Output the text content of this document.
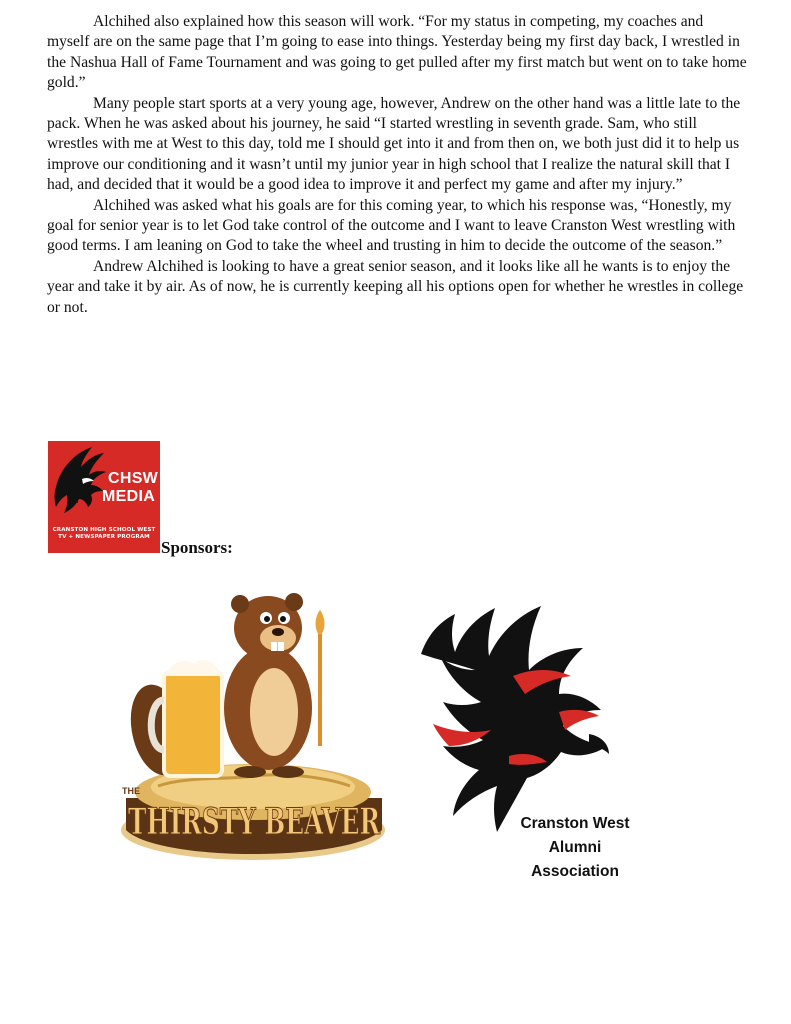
Alchihed also explained how this season will work. “For my status in competing, my coaches and myself are on the same page that I’m going to ease into things. Yesterday being my first day back, I wrestled in the Nashua Hall of Fame Tournament and was going to get pulled after my first match but went on to take home gold.”

Many people start sports at a very young age, however, Andrew on the other hand was a little late to the pack. When he was asked about his journey, he said “I started wrestling in seventh grade. Sam, who still wrestles with me at West to this day, told me I should get into it and from then on, we both just did it to help us improve our conditioning and it wasn’t until my junior year in high school that I realize the natural skill that I had, and decided that it would be a good idea to improve it and perfect my game and after my injury.”

Alchihed was asked what his goals are for this coming year, to which his response was, “Honestly, my goal for senior year is to let God take control of the outcome and I want to leave Cranston West wrestling with good terms. I am leaning on God to take the wheel and trusting in him to decide the outcome of the season.”

Andrew Alchihed is looking to have a great senior season, and it looks like all he wants is to enjoy the year and take it by air. As of now, he is currently keeping all his options open for whether he wrestles in college or not.

CHSW
MEDIA
CRANSTON HIGH SCHOOL WEST
TV + NEWSPAPER PROGRAM
Sponsors:
THE
THIRSTY BEAVER	Cranston West
Alumni
Association
